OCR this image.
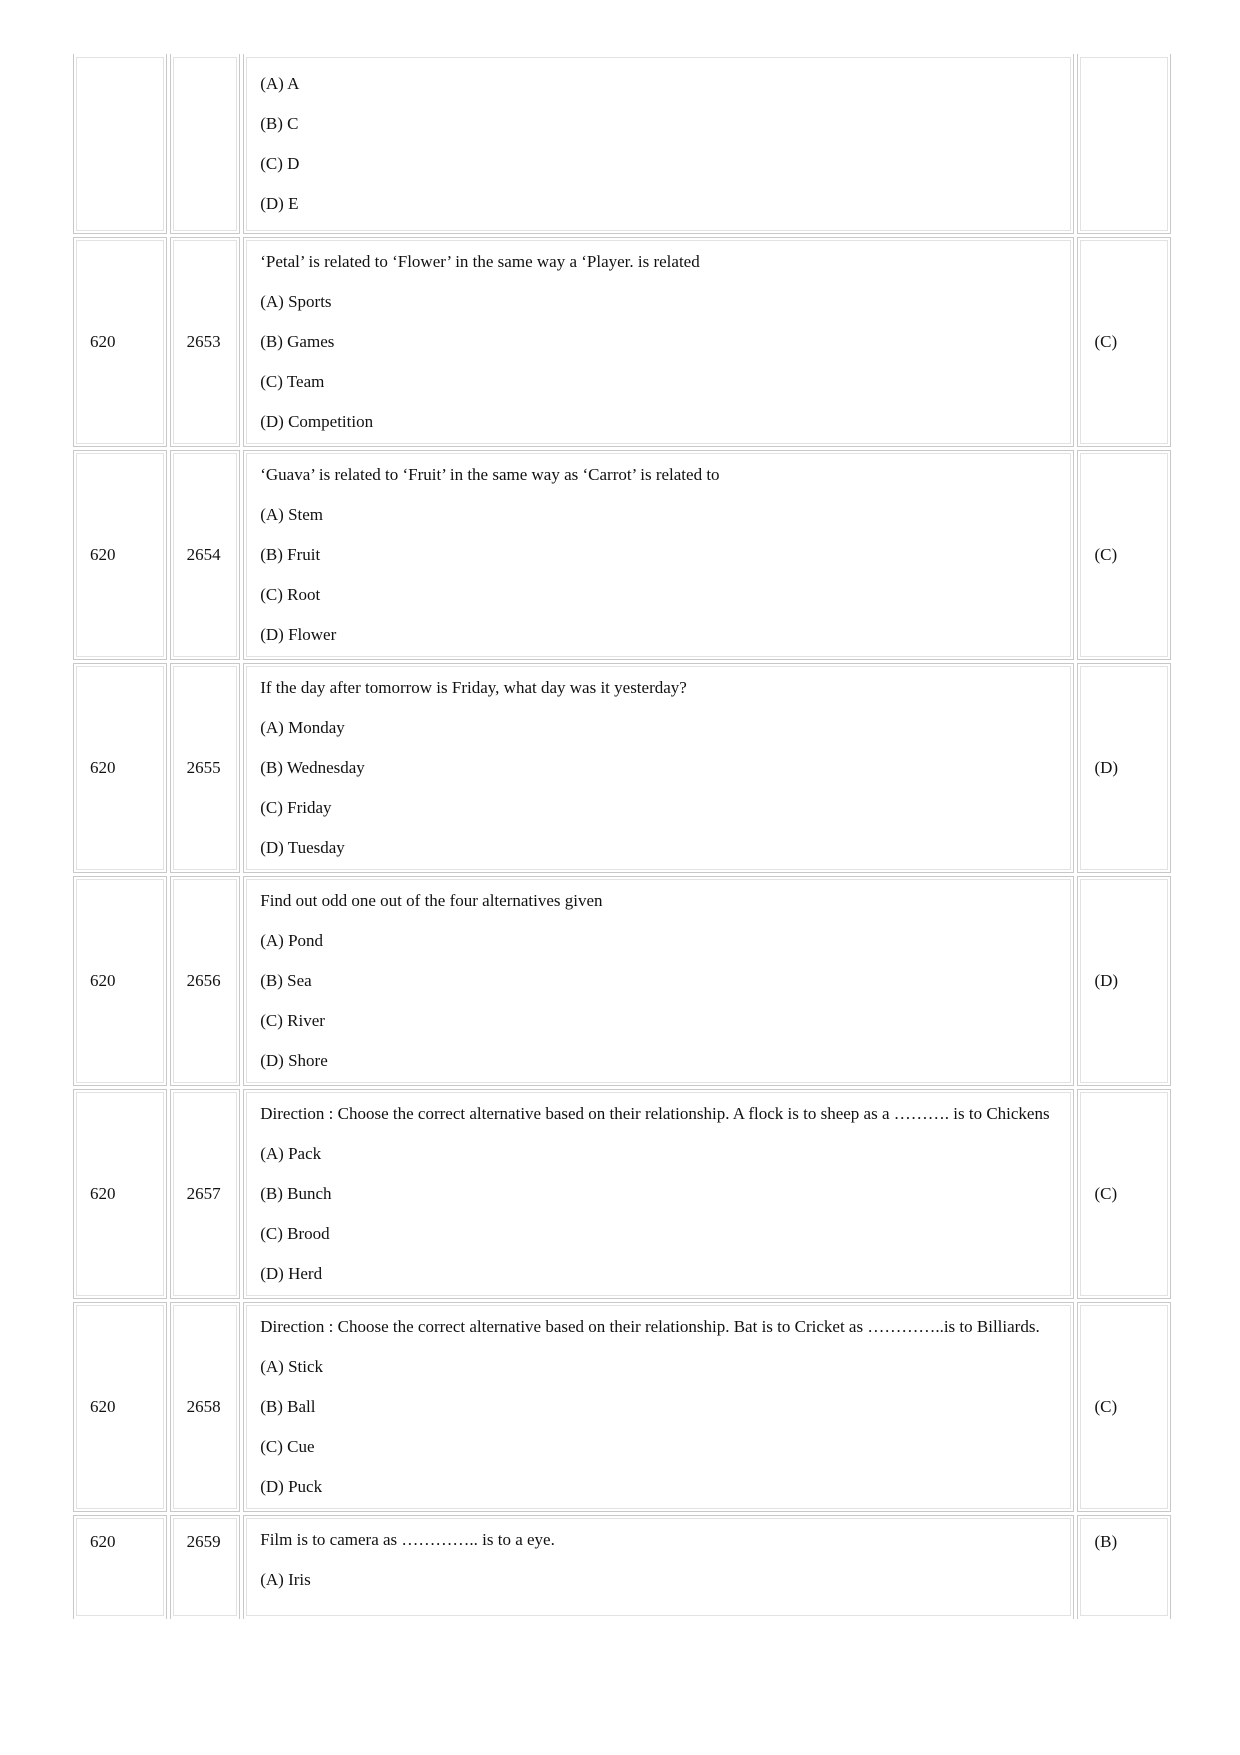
(A) A
(B) C
(C) D
(D) E
620	2653
‘Petal’ is related to ‘Flower’ in the same way a ‘Player. is related
(A) Sports
(B) Games
(C) Team
(D) Competition
(C)
620	2654
‘Guava’ is related to ‘Fruit’ in the same way as ‘Carrot’ is related to
(A) Stem
(B) Fruit
(C) Root
(D) Flower
(C)
620	2655
If the day after tomorrow is Friday, what day was it yesterday?
(A) Monday
(B) Wednesday
(C) Friday
(D) Tuesday
(D)
620	2656
Find out odd one out of the four alternatives given
(A) Pond
(B) Sea
(C) River
(D) Shore
(D)
620	2657
Direction : Choose the correct alternative based on their relationship. A flock is to sheep as a ………. is to Chickens
(A) Pack
(B) Bunch
(C) Brood
(D) Herd
(C)
620	2658
Direction : Choose the correct alternative based on their relationship. Bat is to Cricket as …………..is to Billiards.
(A) Stick
(B) Ball
(C) Cue
(D) Puck
(C)
620	2659 Film is to camera as ………….. is to a eye.
(A) Iris
(B)
